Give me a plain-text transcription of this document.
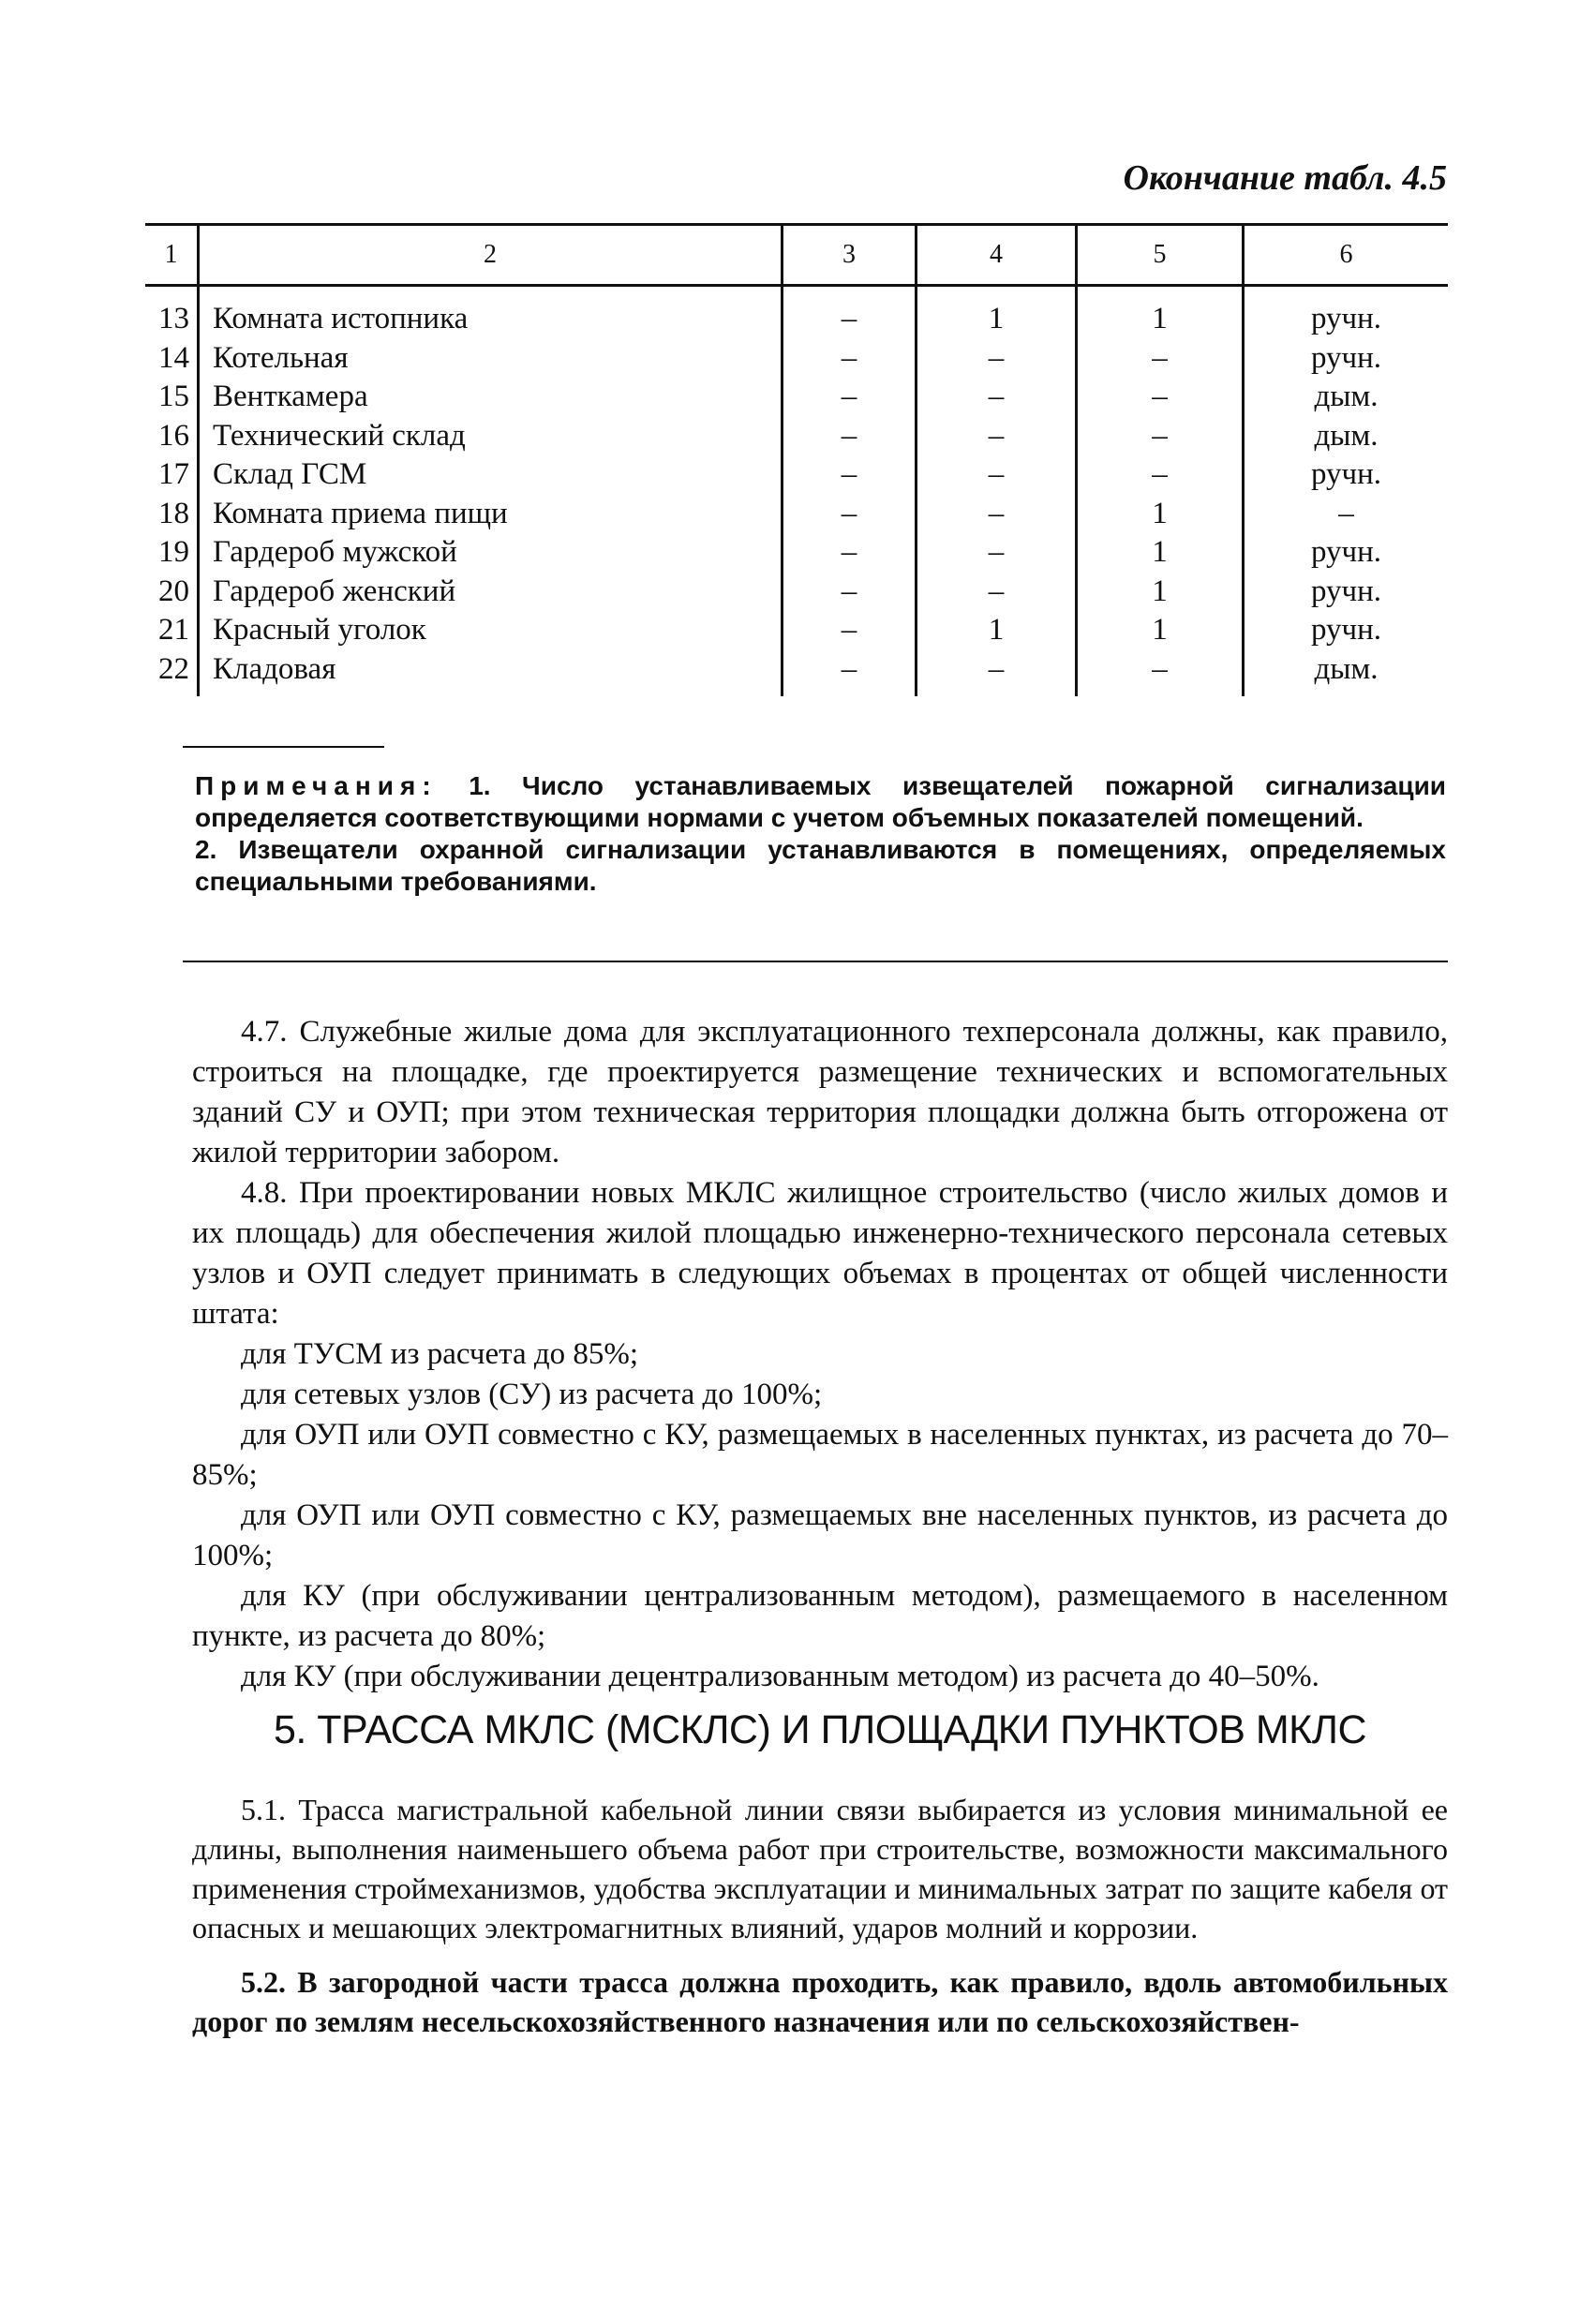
Окончание табл. 4.5
1	2	3	4	5	6
13	Комната истопника	–	1	1	ручн.
14	Котельная	–	–	–	ручн.
15	Венткамера	–	–	–	дым.
16	Технический склад	–	–	–	дым.
17	Склад ГСМ	–	–	–	ручн.
18	Комната приема пищи	–	–	1	–
19	Гардероб мужской	–	–	1	ручн.
20	Гардероб женский	–	–	1	ручн.
21	Красный уголок	–	1	1	ручн.
22	Кладовая	–	–	–	дым.

Примечания: 1. Число устанавливаемых извещателей пожарной сигнализации определяется соответствующими нормами с учетом объемных показателей помещений.

2. Извещатели охранной сигнализации устанавливаются в помещениях, определяемых специальными требованиями.

4.7. Служебные жилые дома для эксплуатационного техперсонала должны, как правило, строиться на площадке, где проектируется размещение технических и вспомогательных зданий СУ и ОУП; при этом техническая территория площадки должна быть отгорожена от жилой территории забором.

4.8. При проектировании новых МКЛС жилищное строительство (число жилых домов и их площадь) для обеспечения жилой площадью инженерно-технического персонала сетевых узлов и ОУП следует принимать в следующих объемах в процентах от общей численности штата:

для ТУСМ из расчета до 85%;

для сетевых узлов (СУ) из расчета до 100%;

для ОУП или ОУП совместно с КУ, размещаемых в населенных пунктах, из расчета до 70–85%;

для ОУП или ОУП совместно с КУ, размещаемых вне населенных пунктов, из расчета до 100%;

для КУ (при обслуживании централизованным методом), размещаемого в населенном пункте, из расчета до 80%;

для КУ (при обслуживании децентрализованным методом) из расчета до 40–50%.

5. ТРАССА МКЛС (МСКЛС) И ПЛОЩАДКИ ПУНКТОВ МКЛС

5.1. Трасса магистральной кабельной линии связи выбирается из условия минимальной ее длины, выполнения наименьшего объема работ при строительстве, возможности максимального применения строймеханизмов, удобства эксплуатации и минимальных затрат по защите кабеля от опасных и мешающих электромагнитных влияний, ударов молний и коррозии.

5.2. В загородной части трасса должна проходить, как правило, вдоль автомобильных дорог по землям несельскохозяйственного назначения или по сельскохозяйствен-
